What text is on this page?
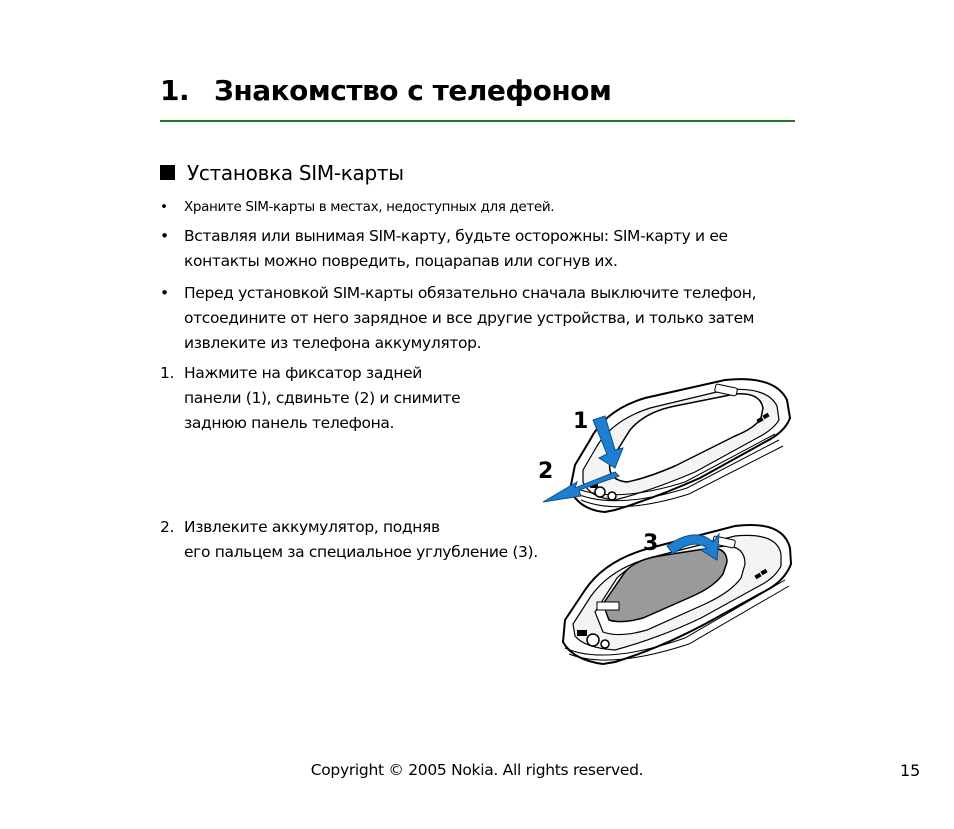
1. Знакомство с телефоном
Установка SIM-карты
• Храните SIM-карты в местах, недоступных для детей.
• Вставляя или вынимая SIM-карту, будьте осторожны: SIM-карту и ее
контакты можно повредить, поцарапав или согнув их.
• Перед установкой SIM-карты обязательно сначала выключите телефон,
отсоедините от него зарядное и все другие устройства, и только затем
извлеките из телефона аккумулятор.
1. Нажмите на фиксатор задней
панели (1), сдвиньте (2) и снимите
заднюю панель телефона.
2. Извлеките аккумулятор, подняв
его пальцем за специальное углубление (3).
1
2
3
Copyright © 2005 Nokia. All rights reserved.	15
